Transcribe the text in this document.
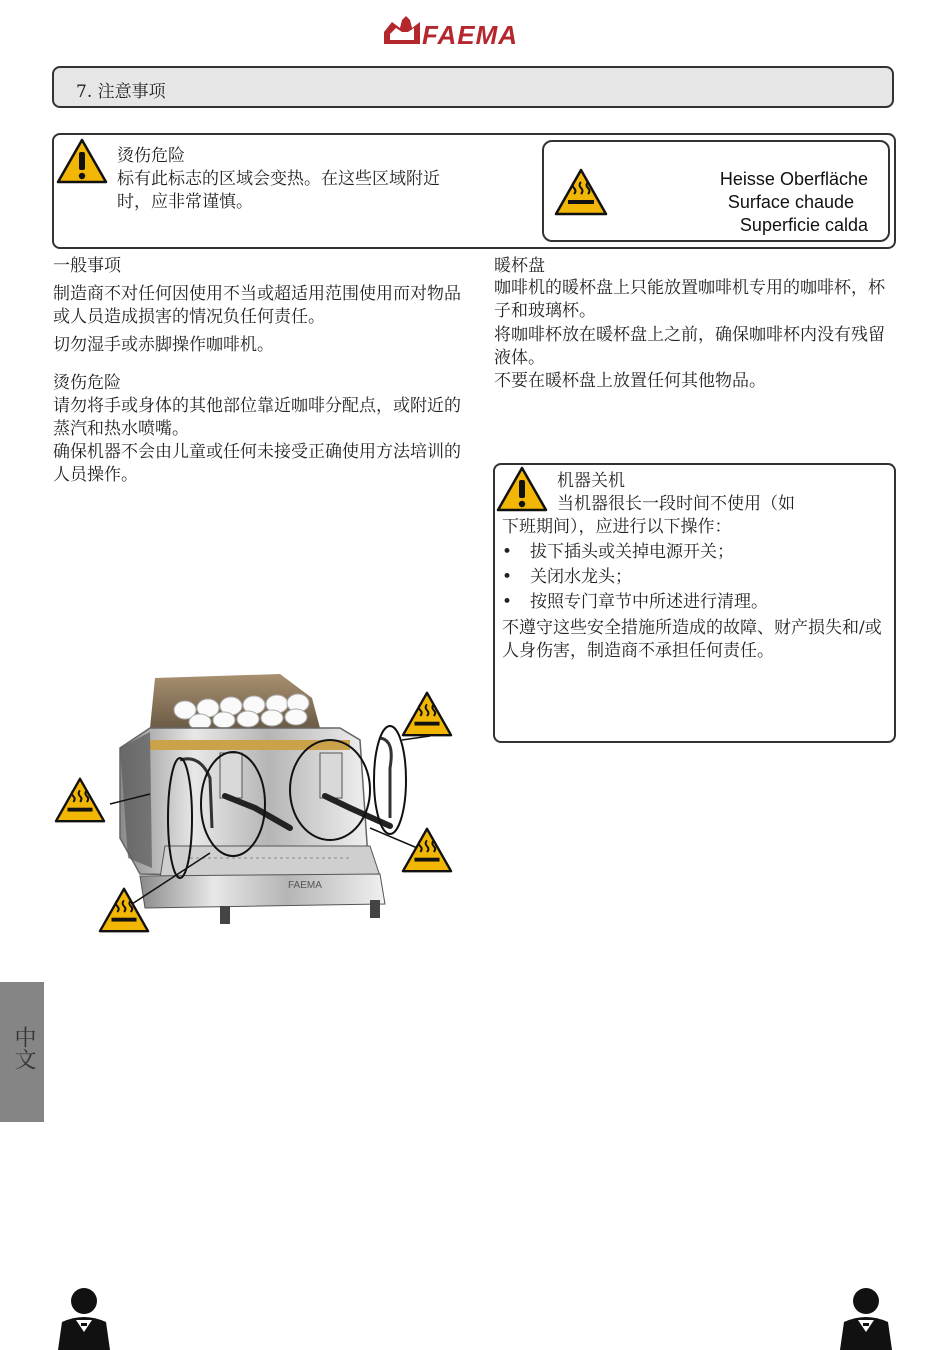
FAEMA
7. 注意事项
烫伤危险
标有此标志的区域会变热。在这些区域附近时，应非常谨慎。
Heisse Oberfläche
Surface chaude
Superficie calda
一般事项
制造商不对任何因使用不当或超适用范围使用而对物品或人员造成损害的情况负任何责任。
切勿湿手或赤脚操作咖啡机。
烫伤危险
请勿将手或身体的其他部位靠近咖啡分配点，或附近的蒸汽和热水喷嘴。
确保机器不会由儿童或任何未接受正确使用方法培训的人员操作。
暖杯盘
咖啡机的暖杯盘上只能放置咖啡机专用的咖啡杯，杯子和玻璃杯。
将咖啡杯放在暖杯盘上之前，确保咖啡杯内没有残留液体。
不要在暖杯盘上放置任何其他物品。
机器关机
当机器很长一段时间不使用（如
下班期间），应进行以下操作：
•	拔下插头或关掉电源开关；
•	关闭水龙头；
•	按照专门章节中所述进行清理。
不遵守这些安全措施所造成的故障、财产损失和/或人身伤害，制造商不承担任何责任。
FAEMA
中文
